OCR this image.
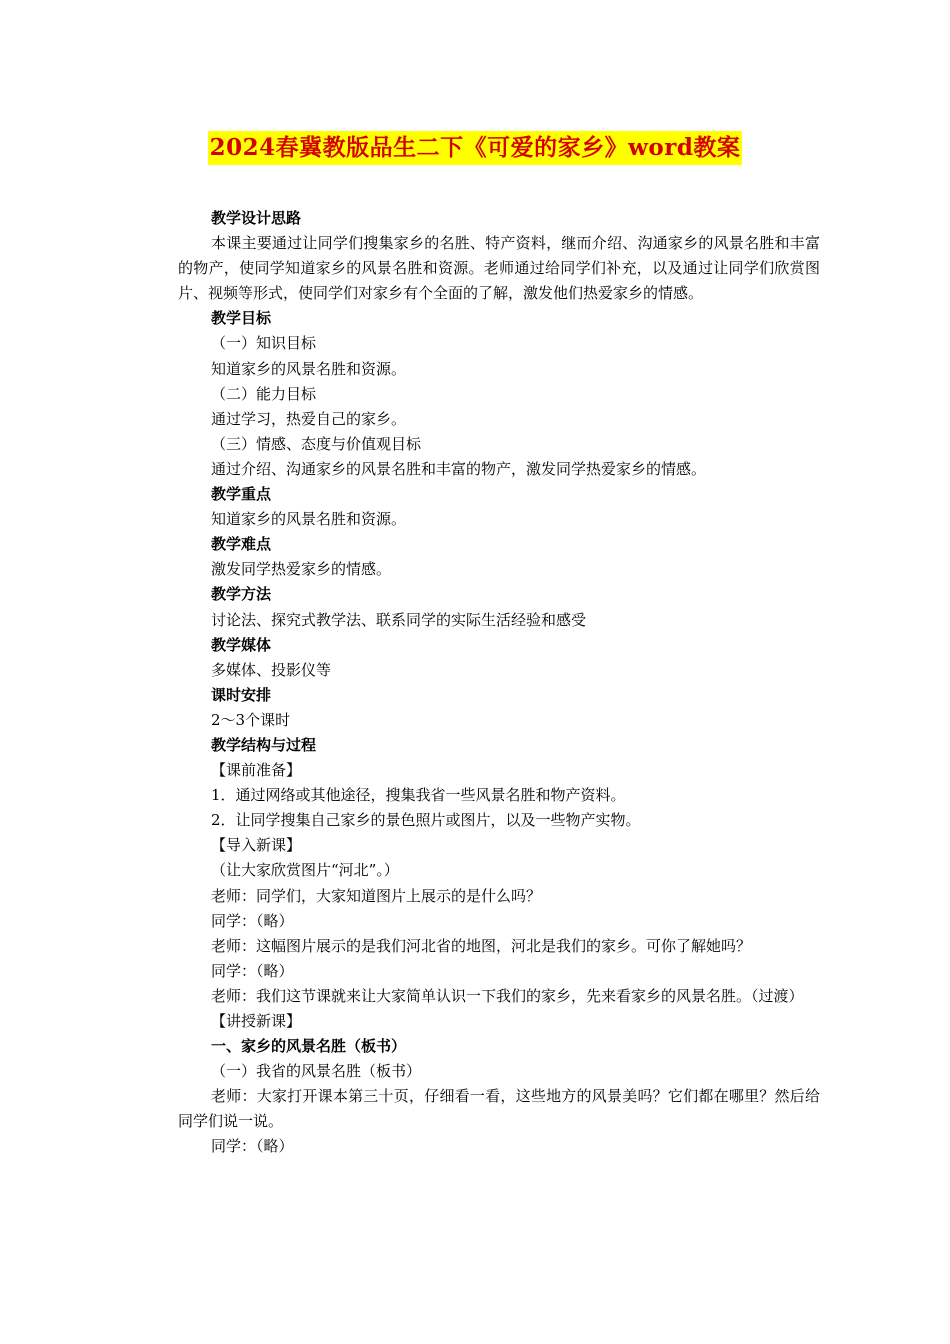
2024春冀教版品生二下《可爱的家乡》word教案
教学设计思路
本课主要通过让同学们搜集家乡的名胜、特产资料，继而介绍、沟通家乡的风景名胜和丰富的物产，使同学知道家乡的风景名胜和资源。老师通过给同学们补充，以及通过让同学们欣赏图片、视频等形式，使同学们对家乡有个全面的了解，激发他们热爱家乡的情感。
教学目标
（一）知识目标
知道家乡的风景名胜和资源。
（二）能力目标
通过学习，热爱自己的家乡。
（三）情感、态度与价值观目标
通过介绍、沟通家乡的风景名胜和丰富的物产，激发同学热爱家乡的情感。
教学重点
知道家乡的风景名胜和资源。
教学难点
激发同学热爱家乡的情感。
教学方法
讨论法、探究式教学法、联系同学的实际生活经验和感受
教学媒体
多媒体、投影仪等
课时安排
2～3个课时
教学结构与过程
【课前准备】
1．通过网络或其他途径，搜集我省一些风景名胜和物产资料。
2．让同学搜集自己家乡的景色照片或图片，以及一些物产实物。
【导入新课】
（让大家欣赏图片“河北”。）
老师：同学们，大家知道图片上展示的是什么吗？
同学：（略）
老师：这幅图片展示的是我们河北省的地图，河北是我们的家乡。可你了解她吗？
同学：（略）
老师：我们这节课就来让大家简单认识一下我们的家乡，先来看家乡的风景名胜。（过渡）
【讲授新课】
一、家乡的风景名胜（板书）
（一）我省的风景名胜（板书）
老师：大家打开课本第三十页，仔细看一看，这些地方的风景美吗？它们都在哪里？然后给同学们说一说。
同学：（略）
